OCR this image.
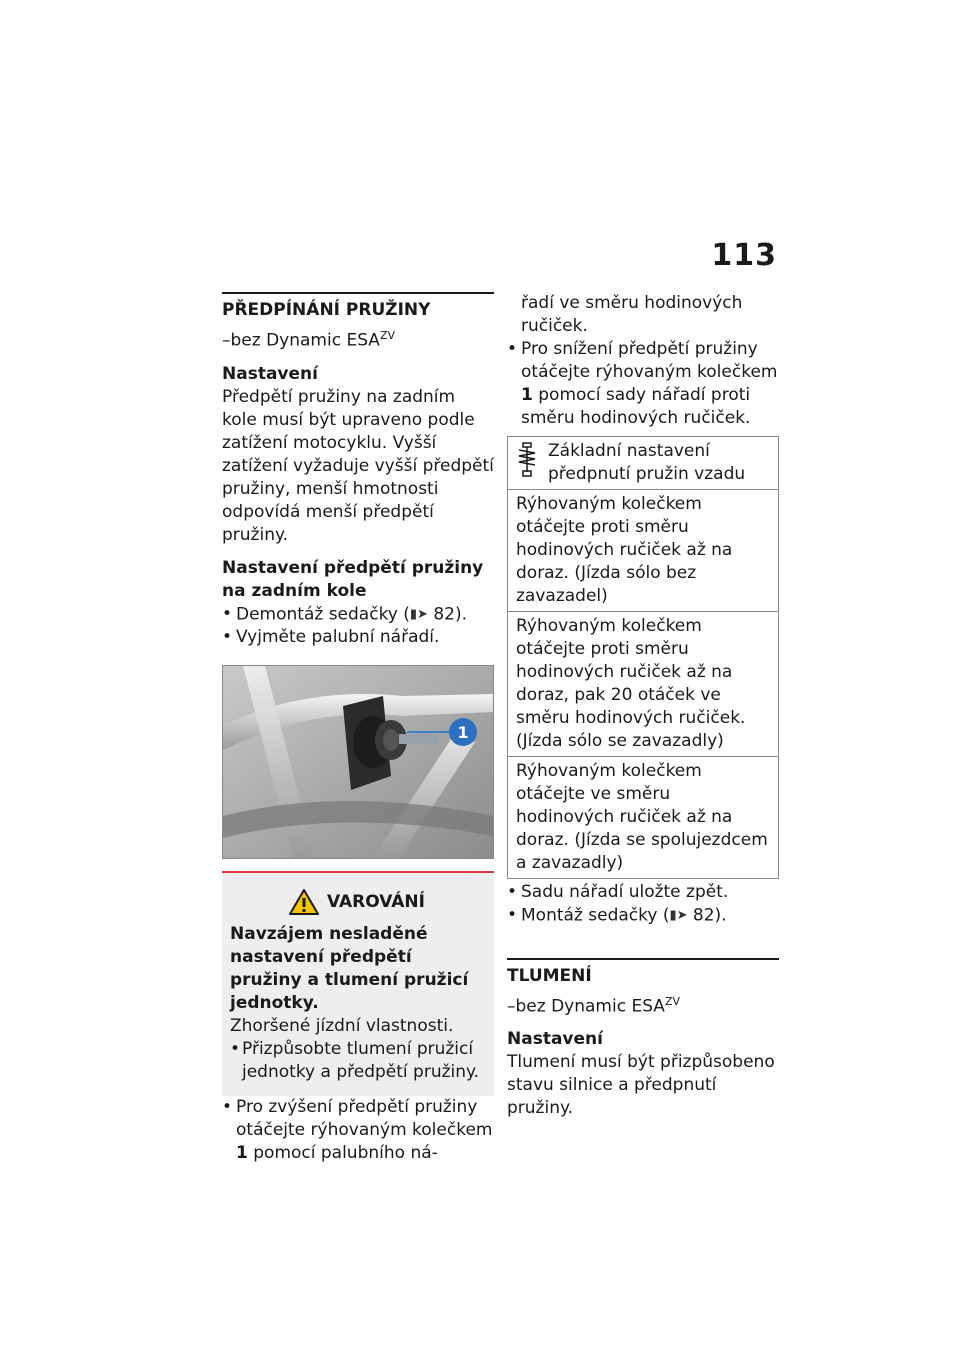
113
PŘEDPÍNÁNÍ PRUŽINY
–bez Dynamic $ESA^{ZV}$
Nastavení

Předpětí pružiny na zadním kole musí být upraveno podle zatížení motocyklu. Vyšší zatížení vyžaduje vyšší předpětí pružiny, menší hmotnosti odpovídá menší předpětí pružiny.

Nastavení předpětí pružiny na zadním kole
• Demontáž sedačky (▮➤ 82).
• Vyjměte palubní nářadí.
1
VAROVÁNÍ
Navzájem nesladěné nastavení předpětí pružiny a tlumení pružicí jednotky.
Zhoršené jízdní vlastnosti.
• Přizpůsobte tlumení pružicí jednotky a předpětí pružiny.
• Pro zvýšení předpětí pružiny otáčejte rýhovaným kolečkem 1 pomocí palubního ná-

řadí ve směru hodinových ručiček.

• Pro snížení předpětí pružiny otáčejte rýhovaným kolečkem 1 pomocí sady nářadí proti směru hodinových ručiček.
Základní nastavení předpnutí pružin vzadu

Rýhovaným kolečkem otáčejte proti směru hodinových ručiček až na doraz. (Jízda sólo bez zavazadel)
Rýhovaným kolečkem otáčejte proti směru hodinových ručiček až na doraz, pak 20 otáček ve směru hodinových ručiček. (Jízda sólo se zavazadly)
Rýhovaným kolečkem otáčejte ve směru hodinových ručiček až na doraz. (Jízda se spolujezdcem a zavazadly)
• Sadu nářadí uložte zpět.
• Montáž sedačky (▮➤ 82).
TLUMENÍ
–bez Dynamic $ESA^{ZV}$
Nastavení

Tlumení musí být přizpůsobeno stavu silnice a předpnutí pružiny.
